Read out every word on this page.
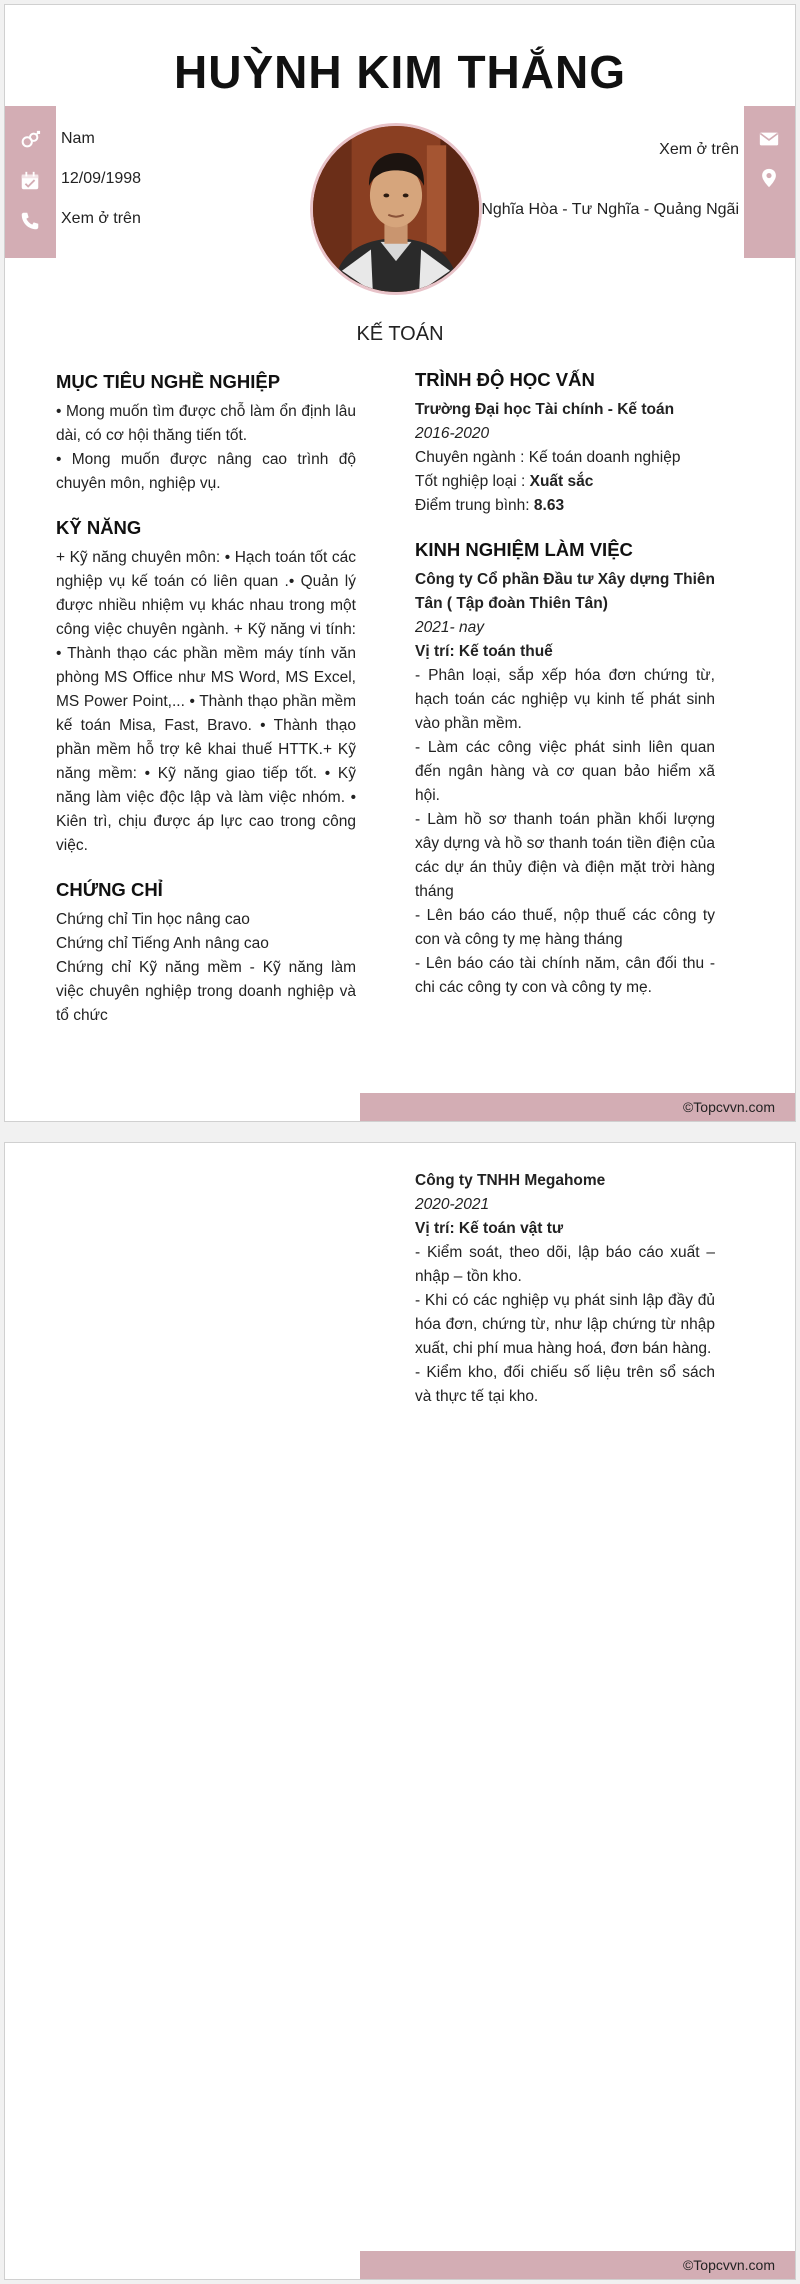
HUỲNH KIM THẮNG
Nam
12/09/1998
Xem ở trên
Xem ở trên
Nghĩa Hòa - Tư Nghĩa - Quảng Ngãi
KẾ TOÁN
MỤC TIÊU NGHỀ NGHIỆP

• Mong muốn tìm được chỗ làm ổn định lâu dài, có cơ hội thăng tiến tốt.

• Mong muốn được nâng cao trình độ chuyên môn, nghiệp vụ.

KỸ NĂNG

+ Kỹ năng chuyên môn: • Hạch toán tốt các nghiệp vụ kế toán có liên quan .• Quản lý được nhiều nhiệm vụ khác nhau trong một công việc chuyên ngành. + Kỹ năng vi tính: • Thành thạo các phần mềm máy tính văn phòng MS Office như MS Word, MS Excel, MS Power Point,... • Thành thạo phần mềm kế toán Misa, Fast, Bravo. • Thành thạo phần mềm hỗ trợ kê khai thuế HTTK.+ Kỹ năng mềm: • Kỹ năng giao tiếp tốt. • Kỹ năng làm việc độc lập và làm việc nhóm. • Kiên trì, chịu được áp lực cao trong công việc.

CHỨNG CHỈ

Chứng chỉ Tin học nâng cao

Chứng chỉ Tiếng Anh nâng cao

Chứng chỉ Kỹ năng mềm - Kỹ năng làm việc chuyên nghiệp trong doanh nghiệp và tổ chức

TRÌNH ĐỘ HỌC VẤN

Trường Đại học Tài chính - Kế toán

2016-2020

Chuyên ngành : Kế toán doanh nghiệp

Tốt nghiệp loại : Xuất sắc

Điểm trung bình: 8.63

KINH NGHIỆM LÀM VIỆC

Công ty Cổ phần Đầu tư Xây dựng Thiên Tân ( Tập đoàn Thiên Tân)

2021- nay

Vị trí: Kế toán thuế

- Phân loại, sắp xếp hóa đơn chứng từ, hạch toán các nghiệp vụ kinh tế phát sinh vào phần mềm.

- Làm các công việc phát sinh liên quan đến ngân hàng và cơ quan bảo hiểm xã hội.

- Làm hồ sơ thanh toán phần khối lượng xây dựng và hồ sơ thanh toán tiền điện của các dự án thủy điện và điện mặt trời hàng tháng

- Lên báo cáo thuế, nộp thuế các công ty con và công ty mẹ hàng tháng

- Lên báo cáo tài chính năm, cân đối thu - chi các công ty con và công ty mẹ.

©Topcvvn.com

Công ty TNHH Megahome

2020-2021

Vị trí: Kế toán vật tư

- Kiểm soát, theo dõi, lập báo cáo xuất – nhập – tồn kho.

- Khi có các nghiệp vụ phát sinh lập đầy đủ hóa đơn, chứng từ, như lập chứng từ nhập xuất, chi phí mua hàng hoá, đơn bán hàng.

- Kiểm kho, đối chiếu số liệu trên sổ sách và thực tế tại kho.

©Topcvvn.com
